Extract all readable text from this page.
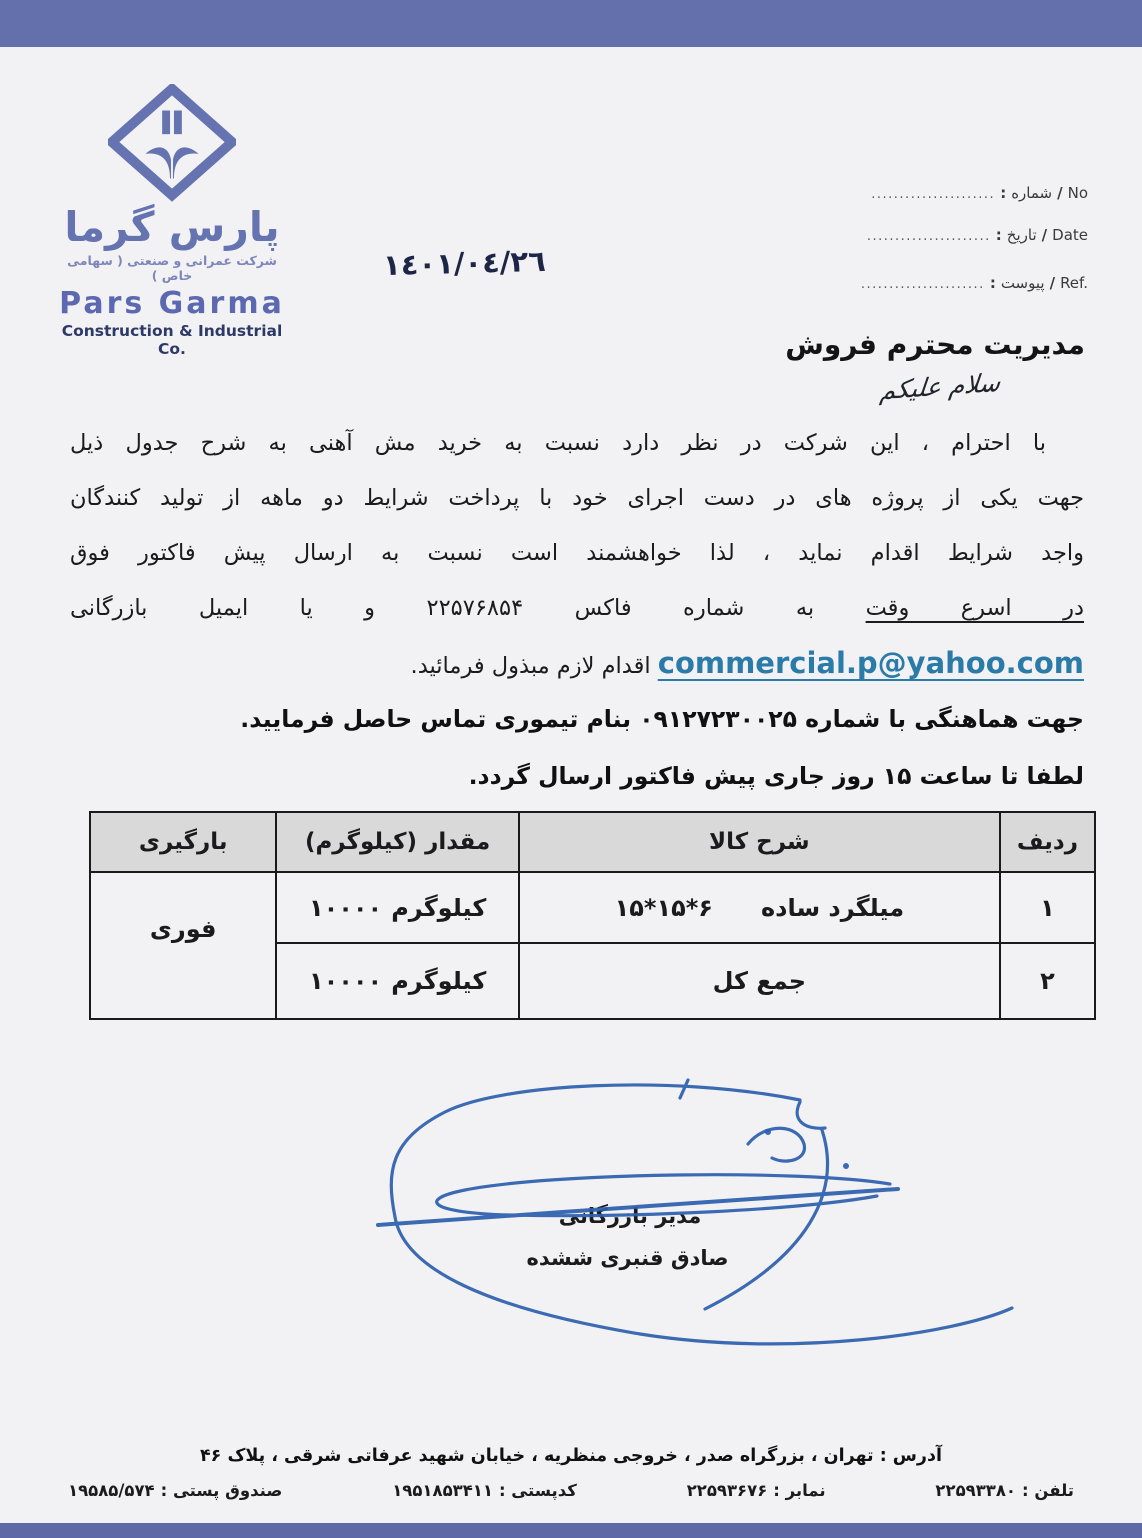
پارس گرما
شرکت عمرانی و صنعتی ( سهامی خاص )
Pars Garma
Construction & Industrial Co.
...................... : شماره / No
...................... : تاریخ / Date
١٤٠١/٠٤/٢٦
...................... : پیوست / Ref.
مدیریت محترم فروش
سلام علیکم
با احترام ، این شرکت در نظر دارد نسبت به خرید مش آهنی به شرح جدول ذیل
جهت یکی از پروژه های در دست اجرای خود با پرداخت شرایط دو ماهه از تولید کنندگان
واجد شرایط اقدام نماید ، لذا خواهشمند است نسبت به ارسال پیش فاکتور فوق
در اسرع وقت به شماره فاکس ۲۲۵۷۶۸۵۴ و یا ایمیل بازرگانی
commercial.p@yahoo.com اقدام لازم مبذول فرمائید.
جهت هماهنگی با شماره ۰۹۱۲۷۲۳۰۰۲۵ بنام تیموری تماس حاصل فرمایید.
لطفا تا ساعت ۱۵ روز جاری پیش فاکتور ارسال گردد.
ردیف	شرح کالا	مقدار (کیلوگرم)	بارگیری
۱	۱۵*۱۵*۶ میلگرد ساده	۱۰۰۰۰ کیلوگرم	فوری
۲	جمع کل	۱۰۰۰۰ کیلوگرم	
مدیر بازرگانی
صادق قنبری ششده
آدرس : تهران ، بزرگراه صدر ، خروجی منظریه ، خیابان شهید عرفاتی شرقی ، پلاک ۴۶
تلفن :
۲۲۵۹۳۳۸۰
نمابر :
۲۲۵۹۳۶۷۶
کدپستی :
۱۹۵۱۸۵۳۴۱۱
صندوق پستی :
۱۹۵۸۵/۵۷۴
